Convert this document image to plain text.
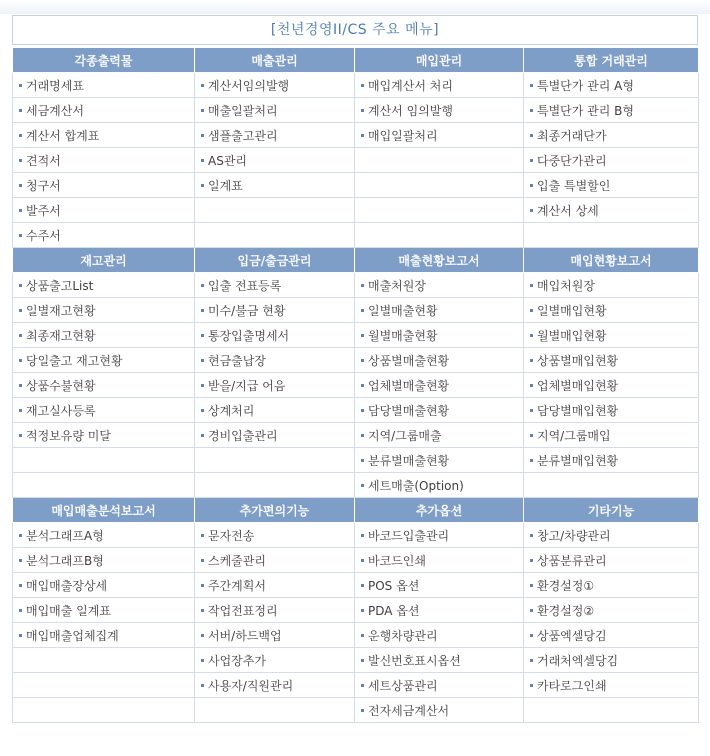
[천년경영II/CS 주요 메뉴]
각종출력물	매출관리	매입관리	통합 거래관리
거래명세표	계산서임의발행	매입계산서 처리	특별단가 관리 A형
세금계산서	매출일괄처리	계산서 임의발행	특별단가 관리 B형
계산서 합계표	샘플출고관리	매입일괄처리	최종거래단가
견적서	AS관리		다중단가관리
청구서	일계표		입출 특별할인
발주서			계산서 상세
수주서			
재고관리	입금/출금관리	매출현황보고서	매입현황보고서
상품출고List	입출 전표등록	매출처원장	매입처원장
일별재고현황	미수/불금 현황	일별매출현황	일별매입현황
최종재고현황	통장입출명세서	월별매출현황	월별매입현황
당일출고 재고현황	현금출납장	상품별매출현황	상품별매입현황
상품수불현황	받을/지급 어음	업체별매출현황	업체별매입현황
재고실사등록	상계처리	담당별매출현황	담당별매입현황
적정보유량 미달	경비입출관리	지역/그룹매출	지역/그룹매입
		분류별매출현황	분류별매입현황
		세트매출(Option)	
매입매출분석보고서	추가편의기능	추가옵션	기타기능
분석그래프A형	문자전송	바코드입출관리	창고/차량관리
분석그래프B형	스케줄관리	바코드인쇄	상품분류관리
매입매출장상세	주간계획서	POS 옵션	환경설정①
매입매출 일계표	작업전표정리	PDA 옵션	환경설정②
매입매출업체집계	서버/하드백업	운행차량관리	상품엑셀당김
	사업장추가	발신번호표시옵션	거래처엑셀당김
	사용자/직원관리	세트상품관리	카타로그인쇄
		전자세금계산서	
